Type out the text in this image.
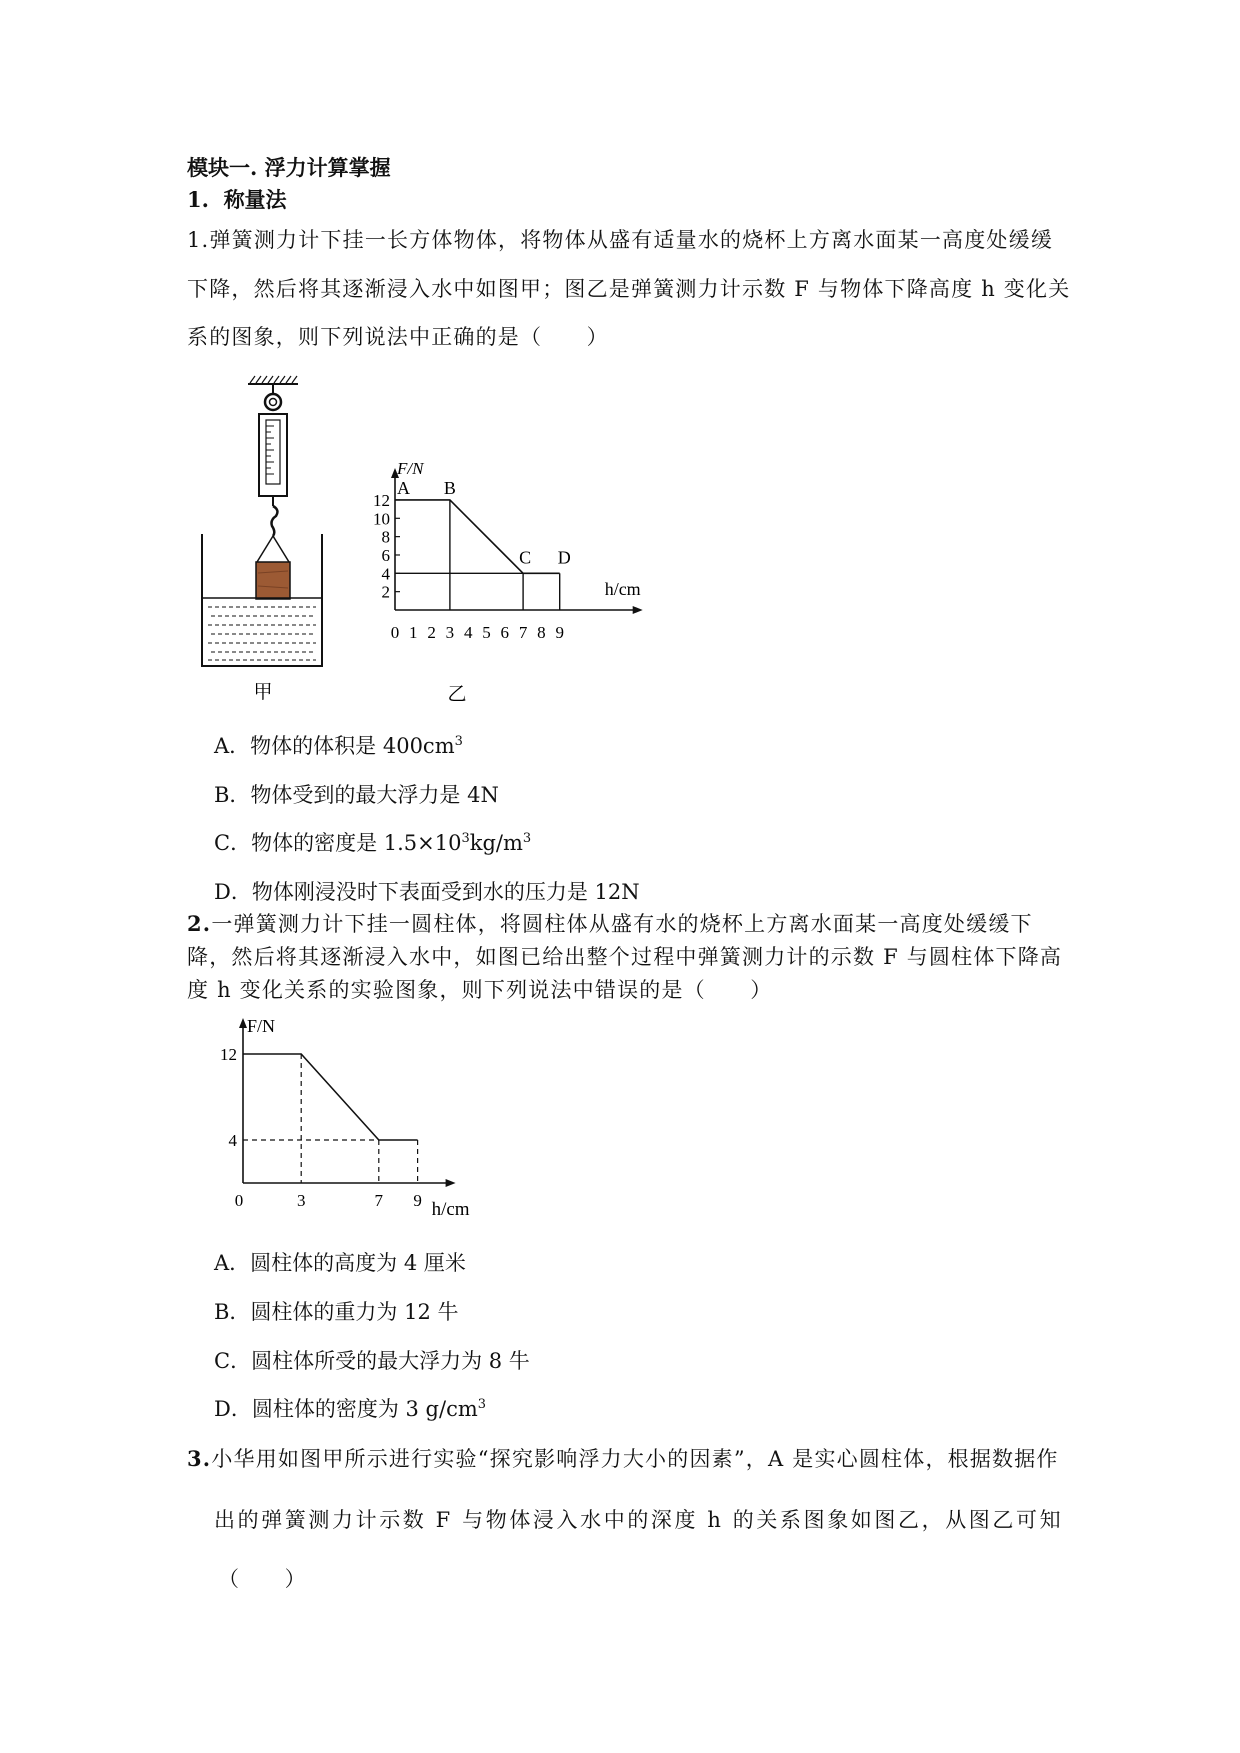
模块一. 浮力计算掌握
1. 称量法
1.弹簧测力计下挂一长方体物体，将物体从盛有适量水的烧杯上方离水面某一高度处缓缓
下降，然后将其逐渐浸入水中如图甲；图乙是弹簧测力计示数 F 与物体下降高度 h 变化关
系的图象，则下列说法中正确的是（　　）
甲
2
4
6
8
10
12
0 1 2 3 4 5 6 7 8 9
F/N
h/cm
A B
C D
乙
A．物体的体积是 $400cm^3$
B．物体受到的最大浮力是 4N
C．物体的密度是 $1.5\times 10^3kg/m^3$
D．物体刚浸没时下表面受到水的压力是 12N
2.一弹簧测力计下挂一圆柱体，将圆柱体从盛有水的烧杯上方离水面某一高度处缓缓下
降，然后将其逐渐浸入水中，如图已给出整个过程中弹簧测力计的示数 F 与圆柱体下降高
度 h 变化关系的实验图象，则下列说法中错误的是（　　）
F/N
h/cm
4
12
0	3	7 9
A．圆柱体的高度为 4 厘米
B．圆柱体的重力为 12 牛
C．圆柱体所受的最大浮力为 8 牛
D．圆柱体的密度为 3 $g/cm^3$
3.小华用如图甲所示进行实验“探究影响浮力大小的因素”，A 是实心圆柱体，根据数据作
出的弹簧测力计示数 F 与物体浸入水中的深度 h 的关系图象如图乙，从图乙可知
（　　）
